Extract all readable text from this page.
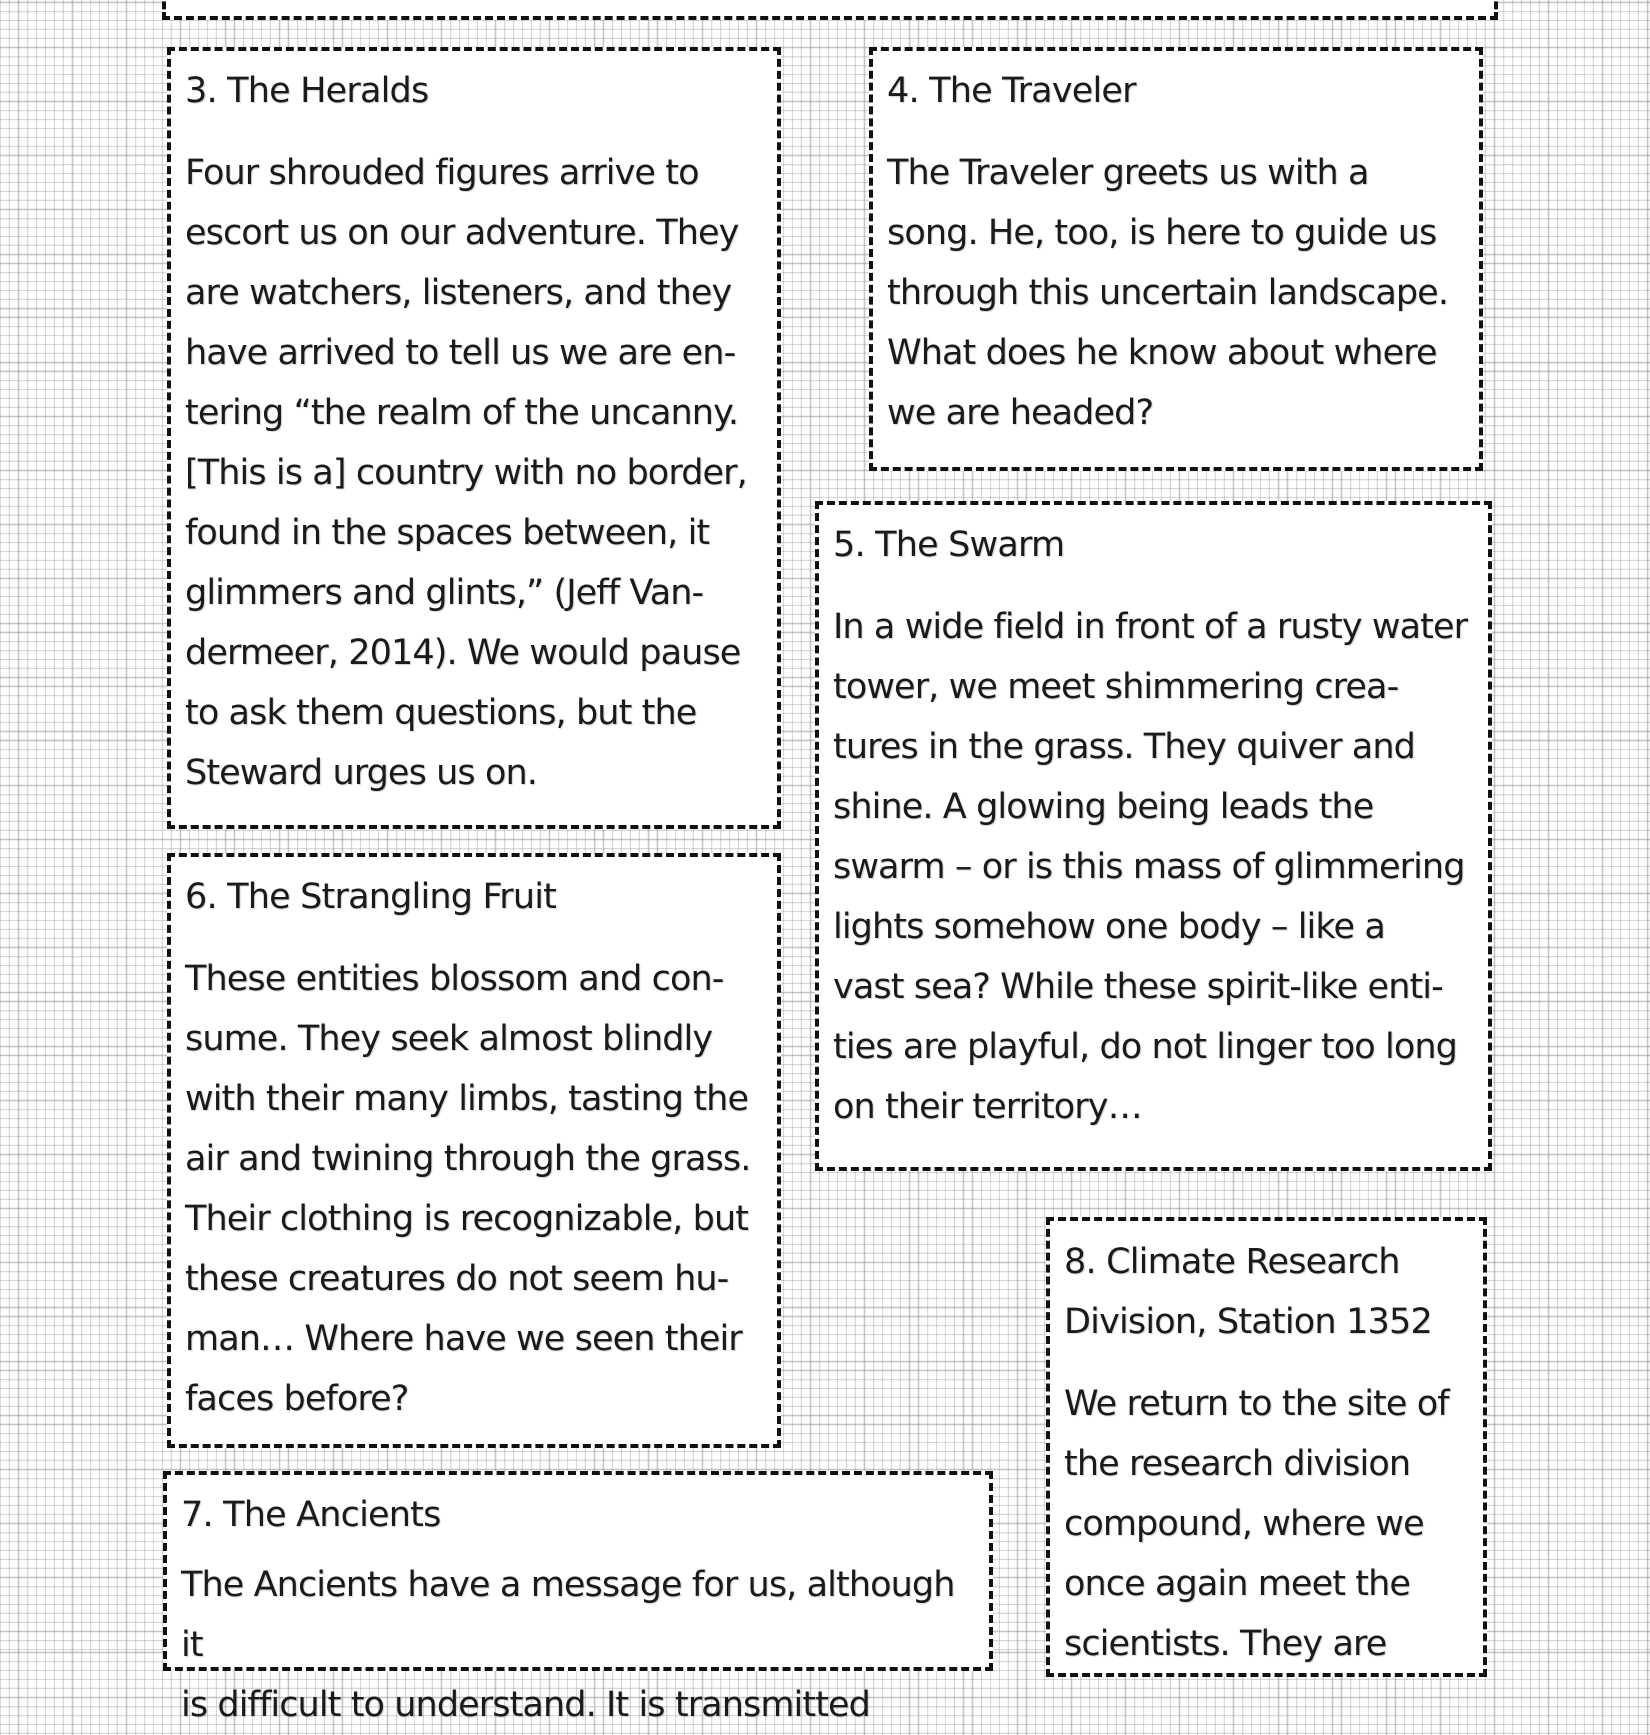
3. The Heralds

Four shrouded figures arrive to
escort us on our adventure. They
are watchers, listeners, and they
have arrived to tell us we are en-
tering “the realm of the uncanny.
[This is a] country with no border,
found in the spaces between, it
glimmers and glints,” (Jeff Van-
dermeer, 2014). We would pause
to ask them questions, but the
Steward urges us on.

4. The Traveler

The Traveler greets us with a
song. He, too, is here to guide us
through this uncertain landscape.
What does he know about where
we are headed?

5. The Swarm

In a wide field in front of a rusty water
tower, we meet shimmering crea-
tures in the grass. They quiver and
shine. A glowing being leads the
swarm – or is this mass of glimmering
lights somehow one body – like a
vast sea? While these spirit-like enti-
ties are playful, do not linger too long
on their territory…

6. The Strangling Fruit

These entities blossom and con-
sume. They seek almost blindly
with their many limbs, tasting the
air and twining through the grass.
Their clothing is recognizable, but
these creatures do not seem hu-
man… Where have we seen their
faces before?

7. The Ancients

The Ancients have a message for us, although it
is difficult to understand. It is transmitted

8. Climate Research
Division, Station 1352

We return to the site of
the research division
compound, where we
once again meet the
scientists. They are
